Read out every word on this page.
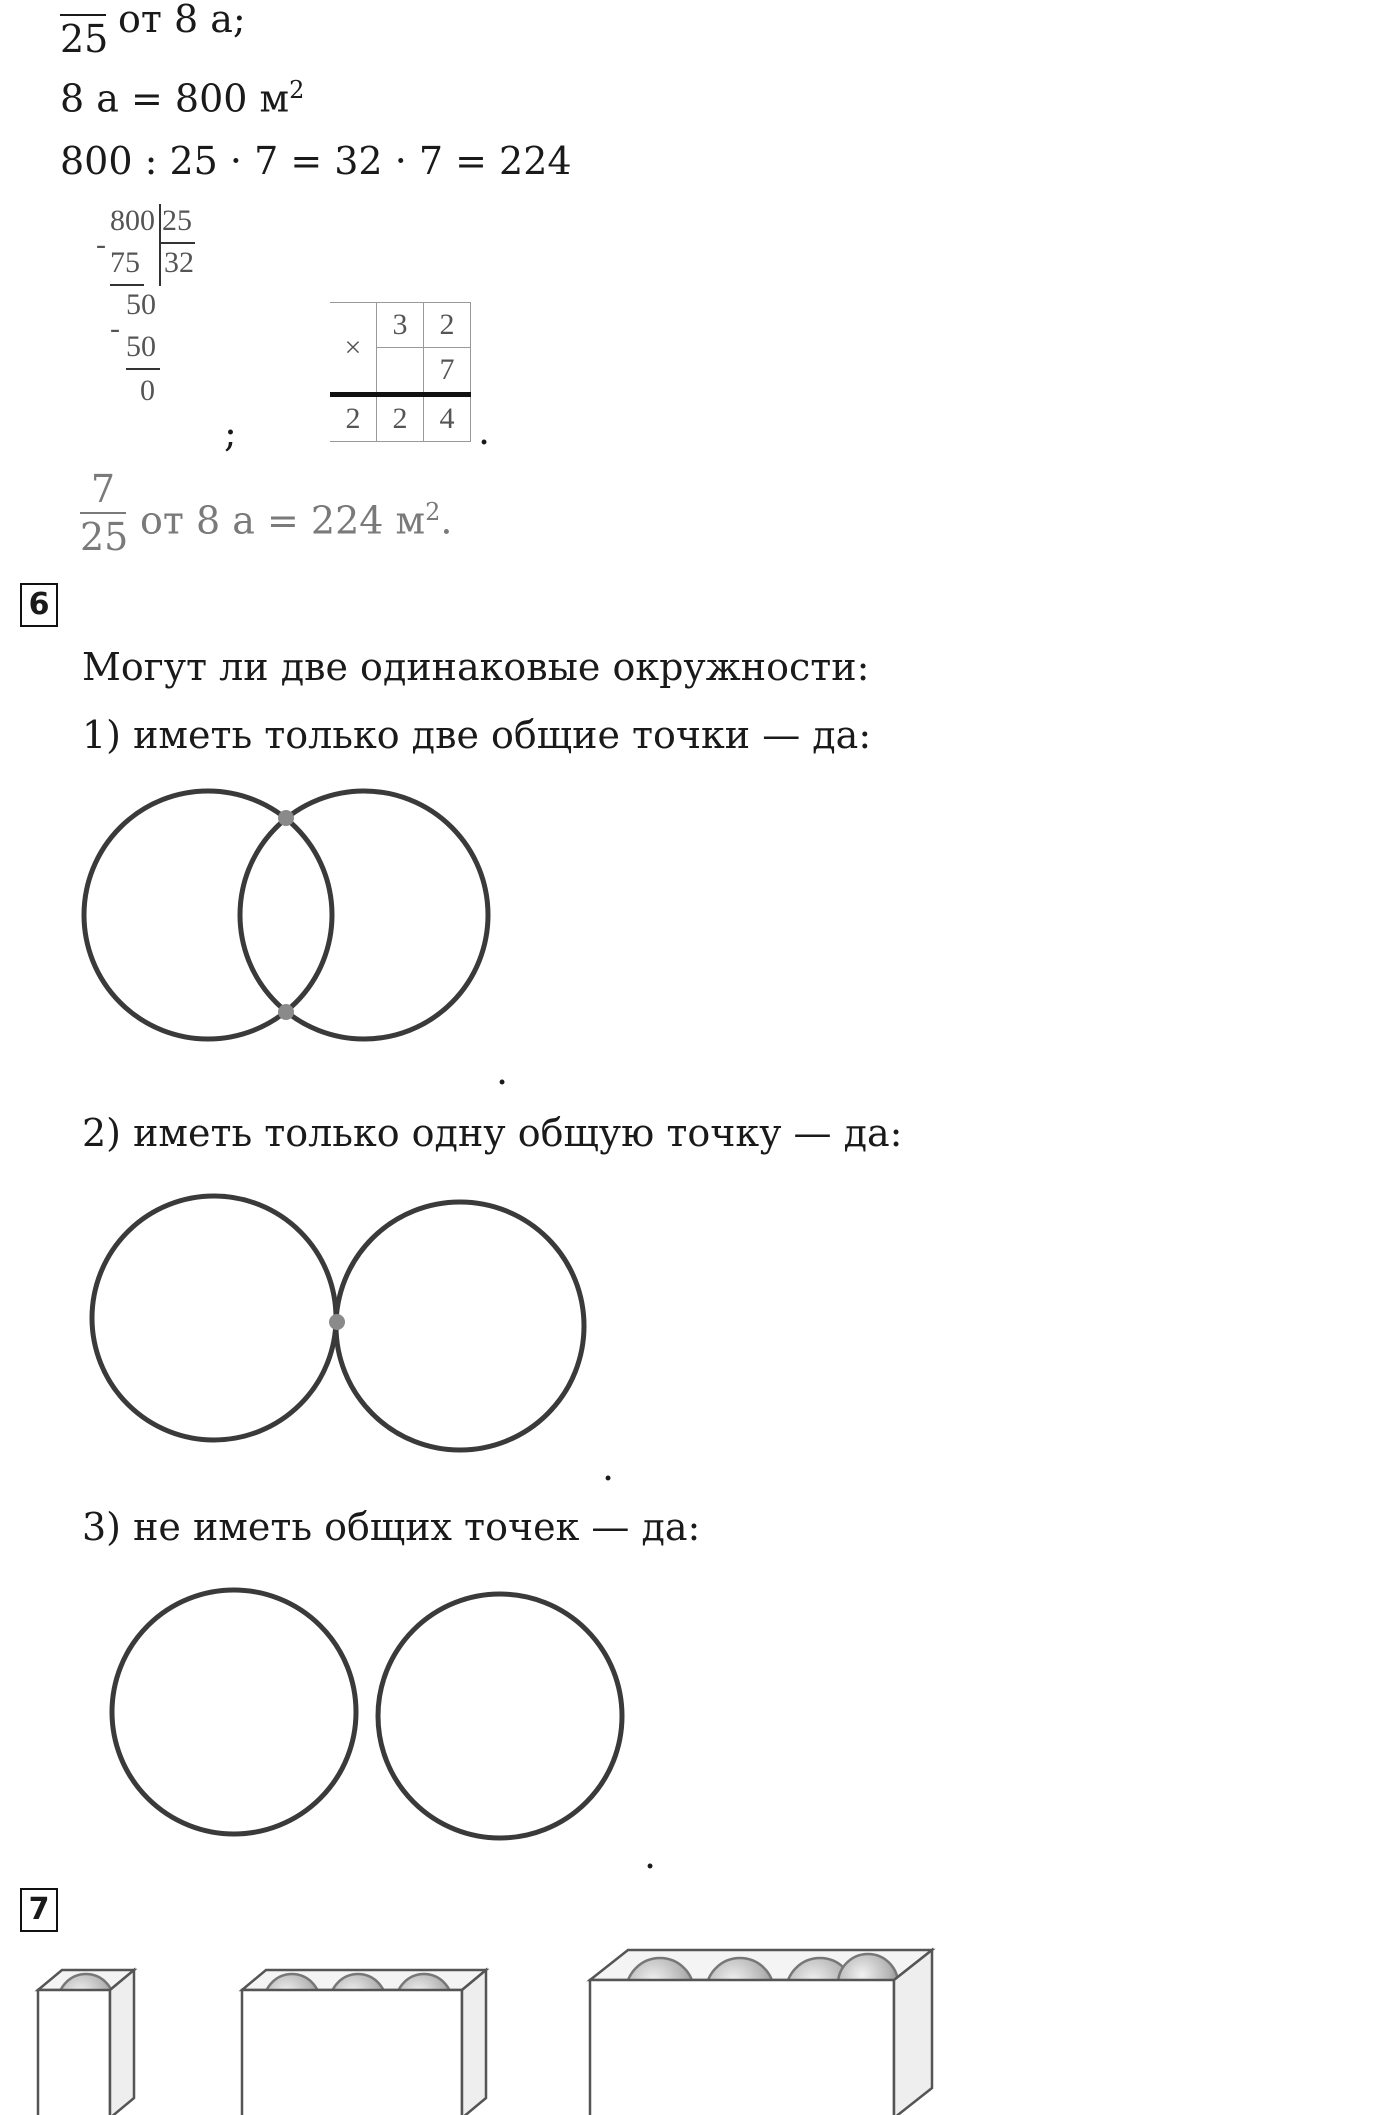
25 от 8 а;
8 а = 800 $м^2$
800 : 25 · 7 = 32 · 7 = 224
800 25
32
-
75
50
-
50
0
;
×	3	2
		7
2	2	4 .
7
25 от 8 а = 224 $м^2$.
6
Могут ли две одинаковые окружности:
1) иметь только две общие точки — да:
.
2) иметь только одну общую точку — да:
.
3) не иметь общих точек — да:
.
7
